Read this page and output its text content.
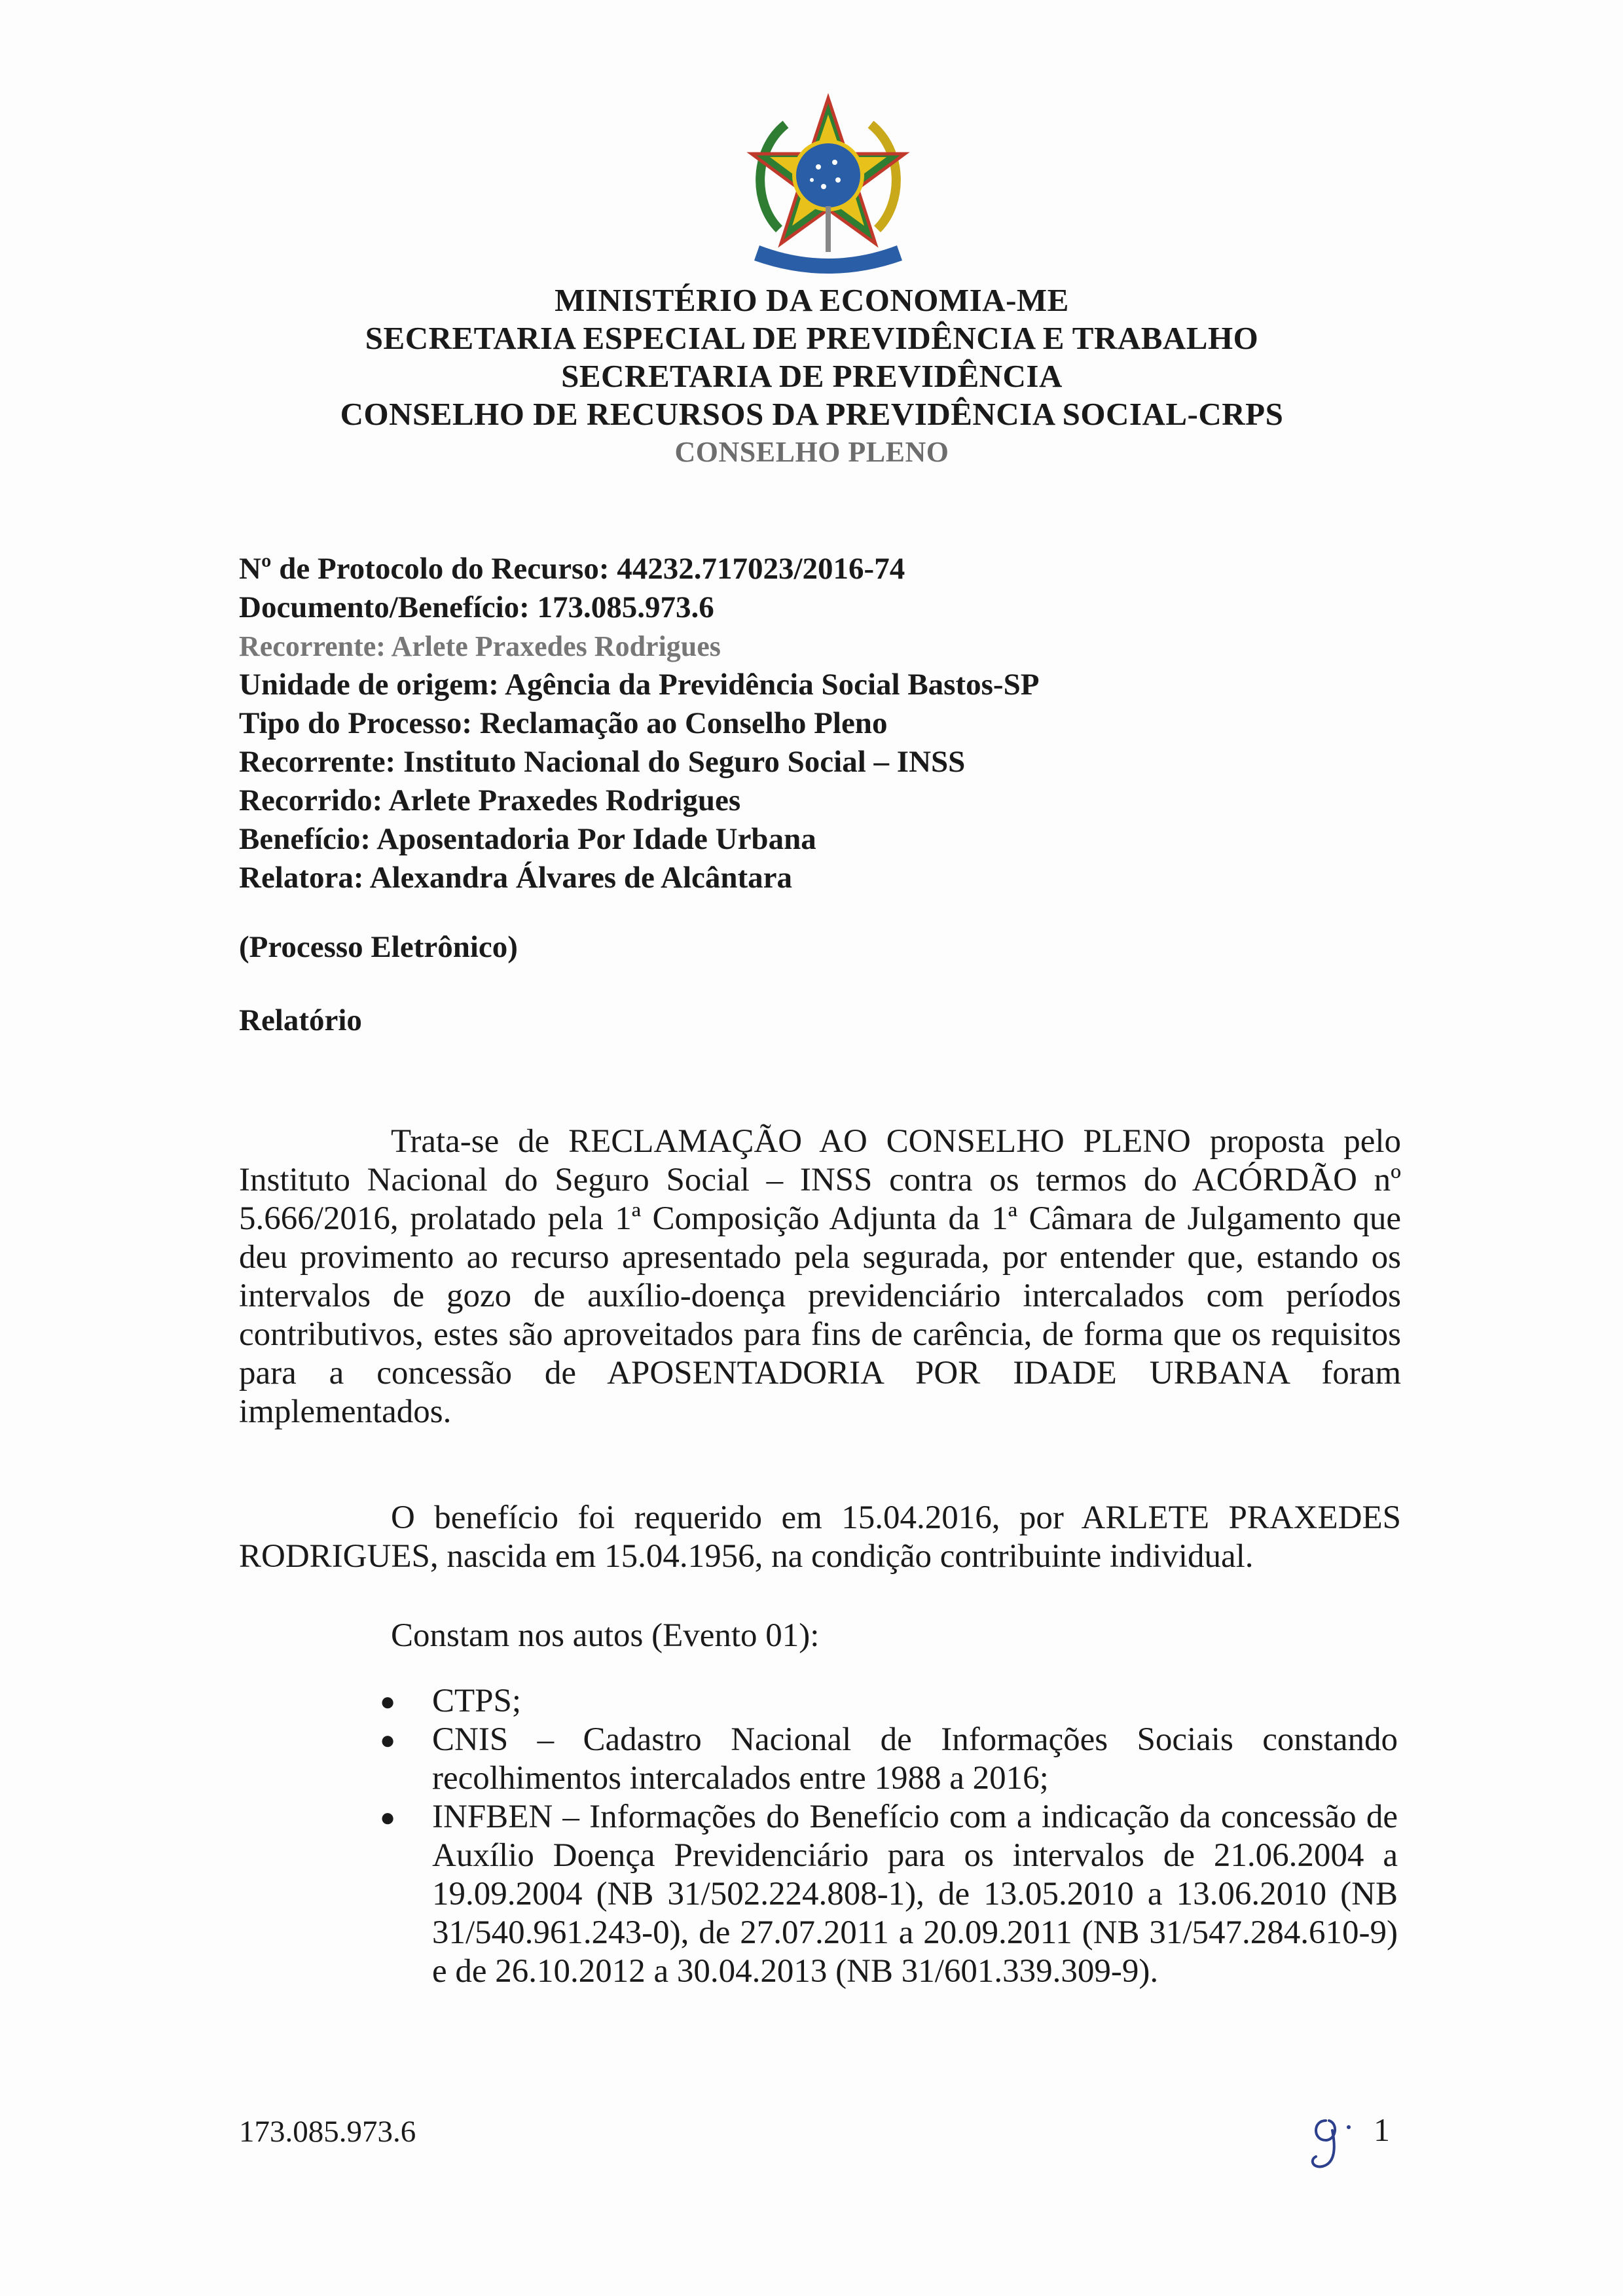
MINISTÉRIO DA ECONOMIA-ME
SECRETARIA ESPECIAL DE PREVIDÊNCIA E TRABALHO
SECRETARIA DE PREVIDÊNCIA
CONSELHO DE RECURSOS DA PREVIDÊNCIA SOCIAL-CRPS
CONSELHO PLENO
Nº de Protocolo do Recurso: 44232.717023/2016-74
Documento/Benefício: 173.085.973.6
Recorrente: Arlete Praxedes Rodrigues
Unidade de origem: Agência da Previdência Social Bastos-SP
Tipo do Processo: Reclamação ao Conselho Pleno
Recorrente: Instituto Nacional do Seguro Social – INSS
Recorrido: Arlete Praxedes Rodrigues
Benefício: Aposentadoria Por Idade Urbana
Relatora: Alexandra Álvares de Alcântara
(Processo Eletrônico)
Relatório
Trata-se de RECLAMAÇÃO AO CONSELHO PLENO proposta pelo Instituto Nacional do Seguro Social – INSS contra os termos do ACÓRDÃO nº 5.666/2016, prolatado pela 1ª Composição Adjunta da 1ª Câmara de Julgamento que deu provimento ao recurso apresentado pela segurada, por entender que, estando os intervalos de gozo de auxílio-doença previdenciário intercalados com períodos contributivos, estes são aproveitados para fins de carência, de forma que os requisitos para a concessão de APOSENTADORIA POR IDADE URBANA foram implementados.
O benefício foi requerido em 15.04.2016, por ARLETE PRAXEDES RODRIGUES, nascida em 15.04.1956, na condição contribuinte individual.
Constam nos autos (Evento 01):
● CTPS;
● CNIS – Cadastro Nacional de Informações Sociais constando recolhimentos intercalados entre 1988 a 2016;
● INFBEN – Informações do Benefício com a indicação da concessão de Auxílio Doença Previdenciário para os intervalos de 21.06.2004 a 19.09.2004 (NB 31/502.224.808-1), de 13.05.2010 a 13.06.2010 (NB 31/540.961.243-0), de 27.07.2011 a 20.09.2011 (NB 31/547.284.610-9) e de 26.10.2012 a 30.04.2013 (NB 31/601.339.309-9).
173.085.973.6	1
